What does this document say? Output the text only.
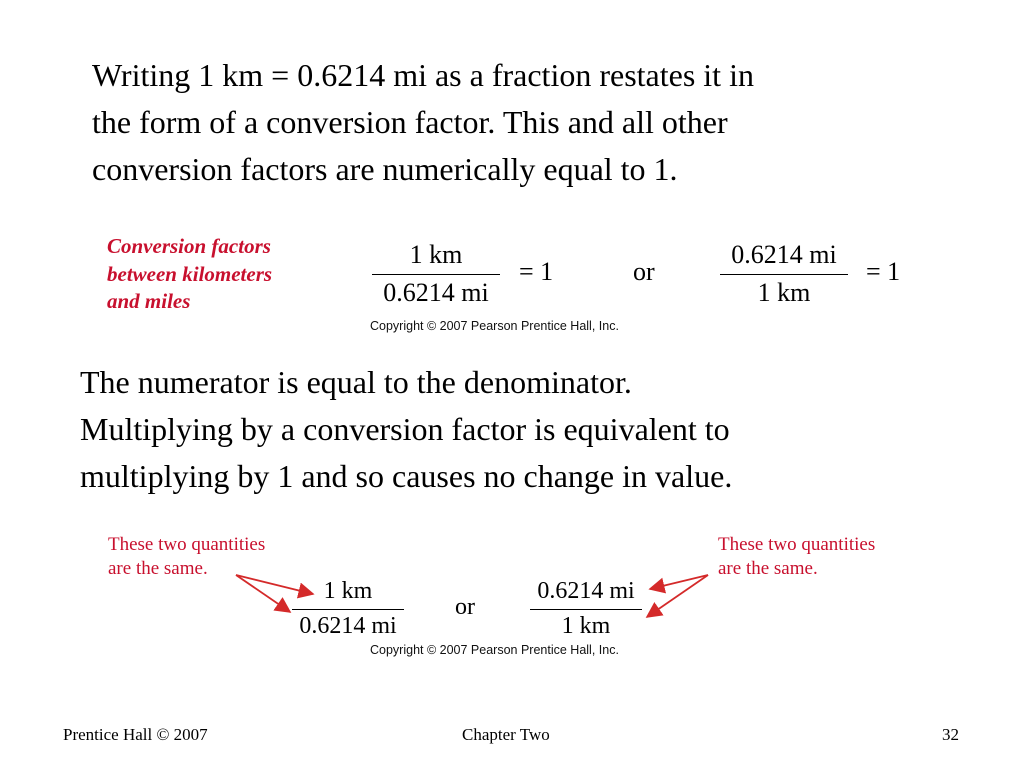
Writing 1 km = 0.6214 mi as a fraction restates it in
the form of a conversion factor. This and all other
conversion factors are numerically equal to 1.
Conversion factors
between kilometers
and miles
1 km
0.6214 mi
= 1	or
0.6214 mi
1 km
= 1
Copyright © 2007 Pearson Prentice Hall, Inc.
The numerator is equal to the denominator.
Multiplying by a conversion factor is equivalent to
multiplying by 1 and so causes no change in value.
These two quantities
are the same.
These two quantities
are the same.
1 km
0.6214 mi
or
0.6214 mi
1 km
Copyright © 2007 Pearson Prentice Hall, Inc.
Prentice Hall © 2007	Chapter Two	32
